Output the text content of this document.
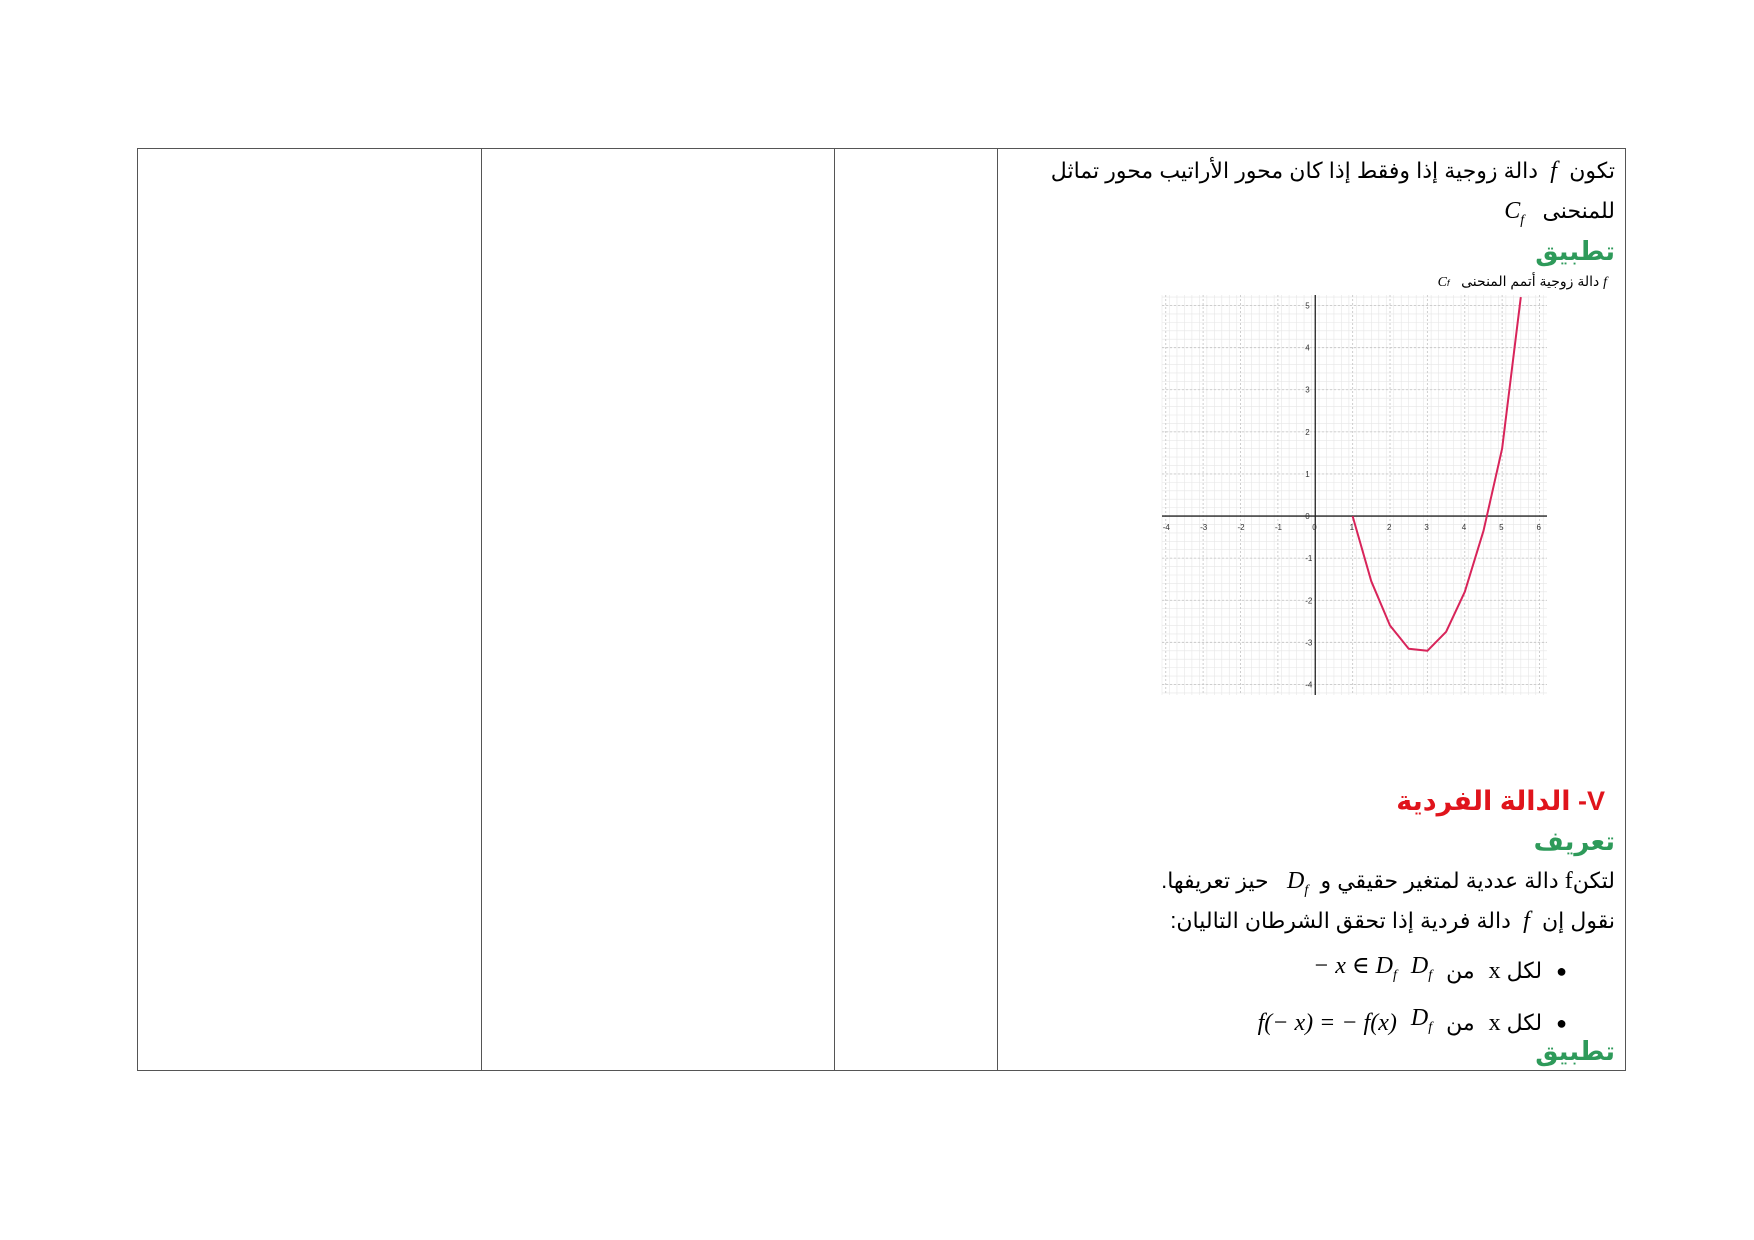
تكون  f  دالة زوجية إذا وفقط إذا كان محور الأراتيب محور تماثل
للمنحنى   $C_f$
تطبيق
f دالة زوجية أتمم المنحنى   Cf
-4	-3	-2	-1	0	1	2	3	4	5	6
5
4
3
2
1
0
-1
-2
-3
-4
V- الدالة الفردية
تعريف
لتكنf دالة عددية لمتغير حقيقي و  $D_f$   حيز تعريفها.
نقول إن  f  دالة فردية إذا تحقق الشرطان التاليان:
●
لكل
x
من
$D_f$
− x ∈ $D_f$
●
لكل
x
من
$D_f$
f(− x) = − f(x)
تطبيق
